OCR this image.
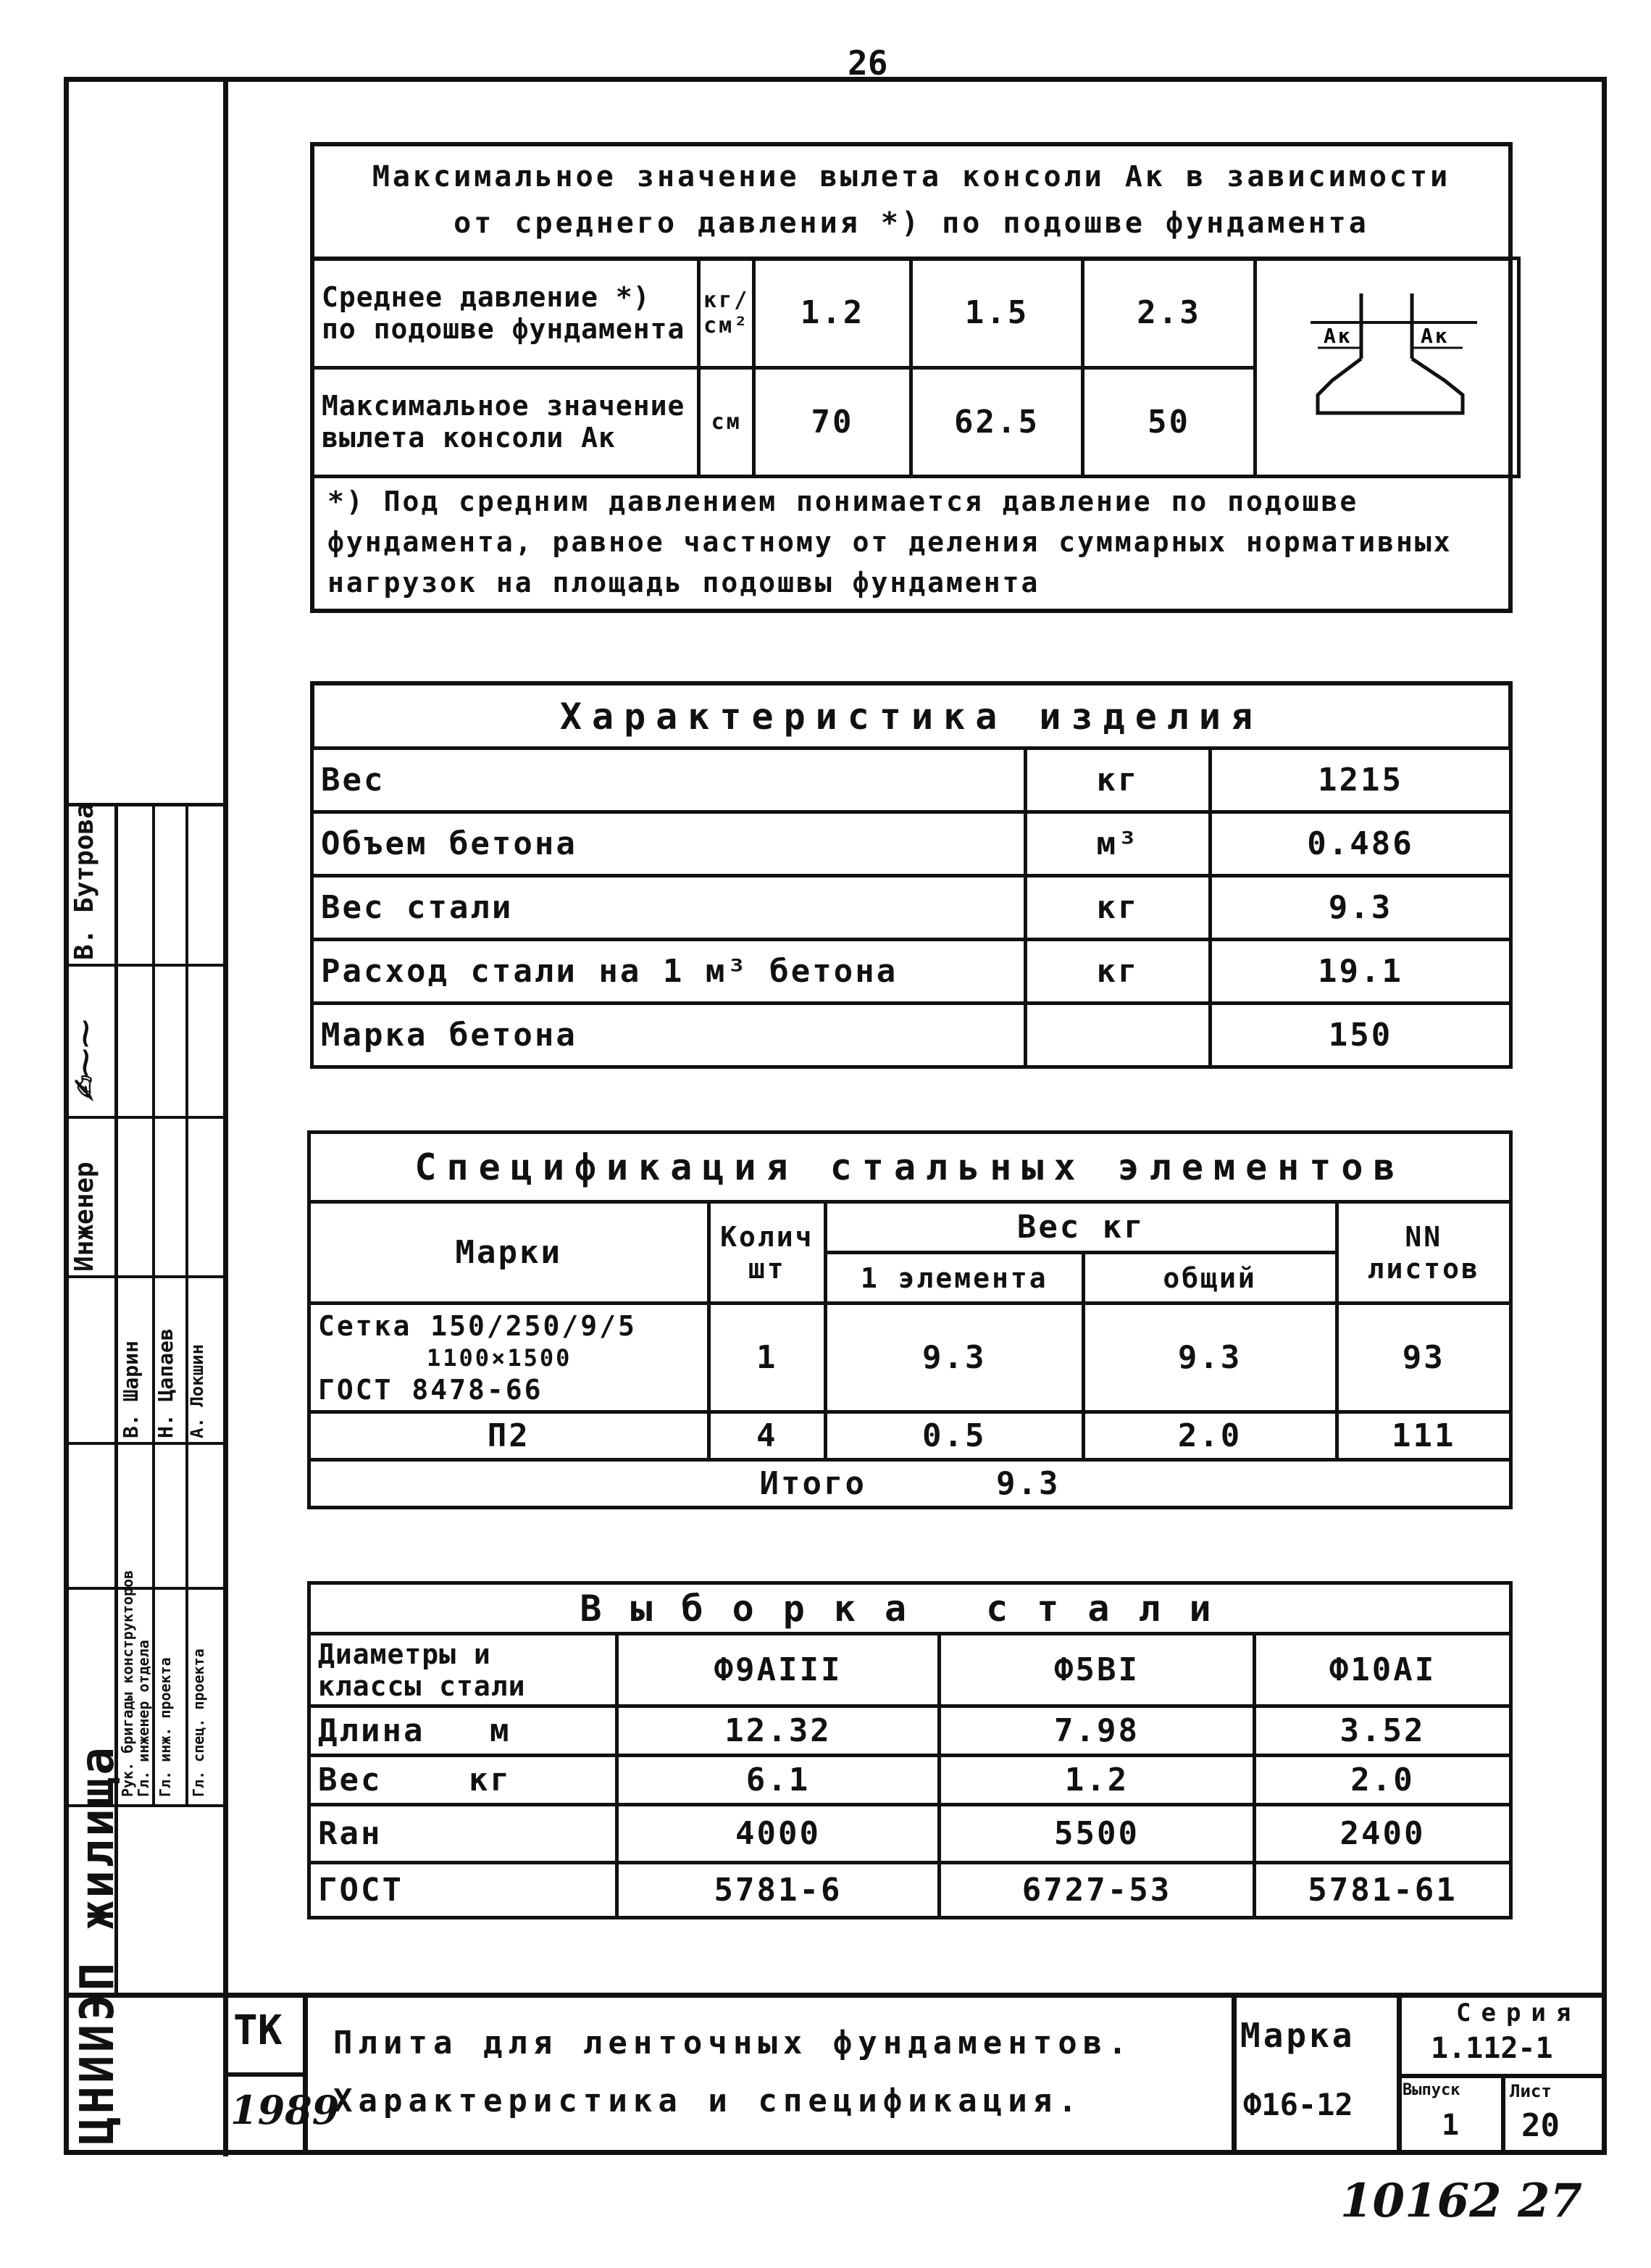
26
Максимальное значение вылета консоли Ак в зависимости
от среднего давления *) по подошве фундамента
Среднее давление *) по подошве фундамента	кг/см²	1.2	1.5	2.3	Ак Ак

Максимальное значение вылета консоли Ак	см	70	62.5	50	
*) Под средним давлением понимается давление по подошве фундамента, равное частному от деления суммарных нормативных нагрузок на площадь подошвы фундамента
Характеристика изделия
Вес	кг	1215
Объем бетона	м³	0.486
Вес стали	кг	9.3
Расход стали на 1 м³ бетона	кг	19.1
Марка бетона		150
Спецификация стальных элементов				
Марки	Колич шт	Вес кг		NN листов
		1 элемента	общий	

Сетка 150/250/9/5
1100×1500
ГОСТ 8478-66	1	9.3	9.3	93
П2	4	0.5	2.0	111
Итого 9.3				
Выборка стали			
Диаметры и классы стали	Ф9АIII	Ф5ВI	Ф10АI
Длина м	12.32	7.98	3.52
Вес кг	6.1	1.2	2.0
Raн	4000	5500	2400
ГОСТ	5781-6	6727-53	5781-61
ТК
1989
Плита для ленточных фундаментов.
Характеристика и спецификация.
Марка
Ф16-12
Серия
1.112-1
Выпуск
1
Лист
20
В. Бутрова
Инженер
✍︎⁓⁓
Рук. бригады конструкторов
Гл. инженер отдела Гл. инж. проекта Гл. спец. проекта
В. Шарин Н. Цапаев А. Локшин
ЦНИИЭП жилища
10162 27
